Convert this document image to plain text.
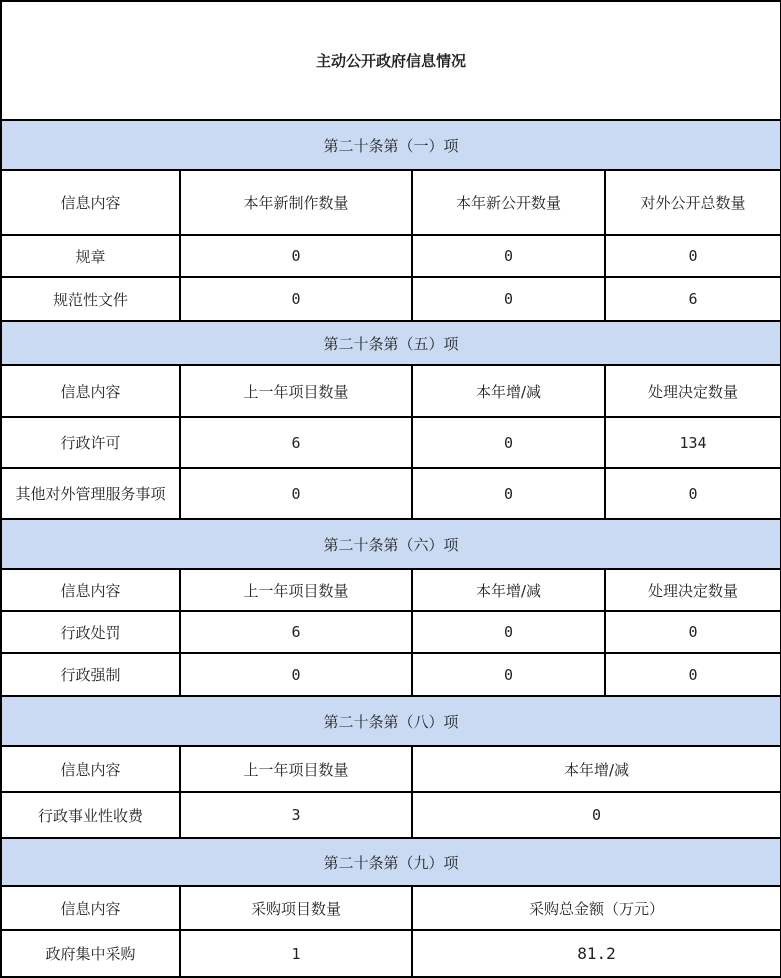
主动公开政府信息情况			
第二十条第（一）项			
信息内容	本年新制作数量	本年新公开数量	对外公开总数量
规章	0	0	0
规范性文件	0	0	6
第二十条第（五）项			
信息内容	上一年项目数量	本年增/减	处理决定数量
行政许可	6	0	134
其他对外管理服务事项	0	0	0
第二十条第（六）项			
信息内容	上一年项目数量	本年增/减	处理决定数量
行政处罚	6	0	0
行政强制	0	0	0
第二十条第（八）项			
信息内容	上一年项目数量	本年增/减	
行政事业性收费	3	0	
第二十条第（九）项			
信息内容	采购项目数量	采购总金额（万元）	
政府集中采购	1	81.2	
